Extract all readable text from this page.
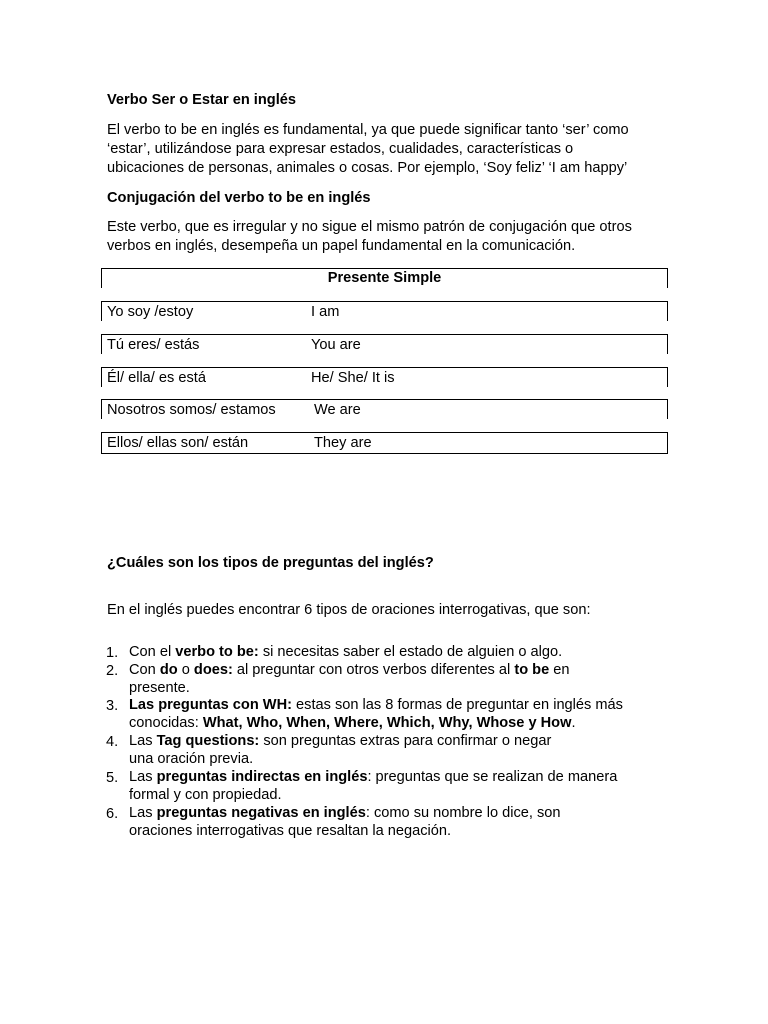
Verbo Ser o Estar en inglés

El verbo to be en inglés es fundamental, ya que puede significar tanto ‘ser’ como

‘estar’, utilizándose para expresar estados, cualidades, características o

ubicaciones de personas, animales o cosas. Por ejemplo, ‘Soy feliz’ ‘I am happy’

Conjugación del verbo to be en inglés

Este verbo, que es irregular y no sigue el mismo patrón de conjugación que otros

verbos en inglés, desempeña un papel fundamental en la comunicación.

Presente Simple
Yo soy /estoy	I am
Tú eres/ estás	You are
Él/ ella/ es está	He/ She/ It is
Nosotros somos/ estamos	We are
Ellos/ ellas son/ están	They are

¿Cuáles son los tipos de preguntas del inglés?

En el inglés puedes encontrar 6 tipos de oraciones interrogativas, que son:

1. Con el verbo to be: si necesitas saber el estado de alguien o algo.
2. Con do o does: al preguntar con otros verbos diferentes al to be en presente.
3. Las preguntas con WH: estas son las 8 formas de preguntar en inglés más conocidas: What, Who, When, Where, Which, Why, Whose y How.
4. Las Tag questions: son preguntas extras para confirmar o negar una oración previa.
5. Las preguntas indirectas en inglés: preguntas que se realizan de manera formal y con propiedad.
6. Las preguntas negativas en inglés: como su nombre lo dice, son oraciones interrogativas que resaltan la negación.
